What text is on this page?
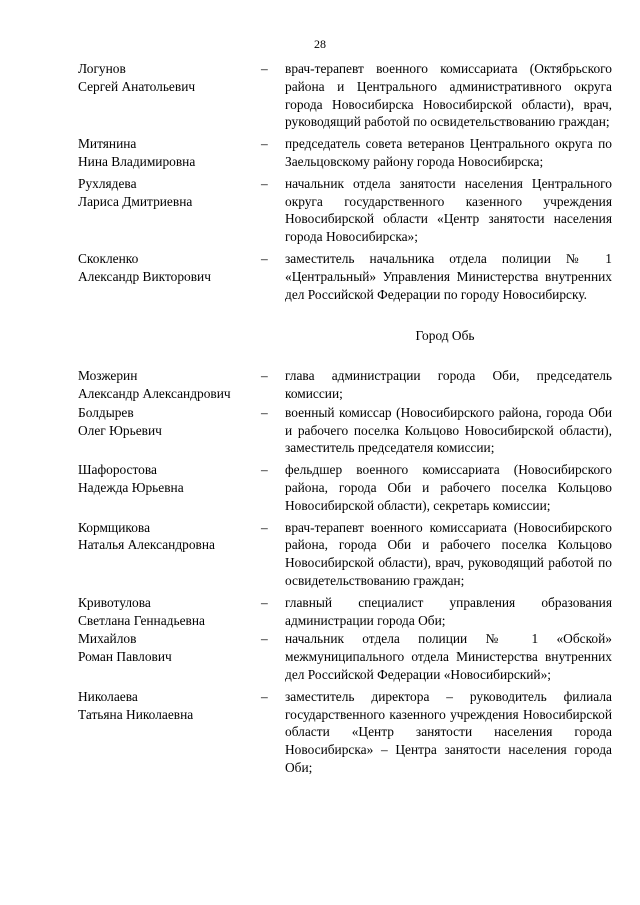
28
Логунов
Сергей Анатольевич
–	врач-терапевт военного комиссариата (Октябрьского района и Центрального административного округа города Новосибирска Новосибирской области), врач, руководящий работой по освидетельствованию граждан;
Митянина
Нина Владимировна
–	председатель совета ветеранов Центрального округа по Заельцовскому району города Новосибирска;
Рухлядева
Лариса Дмитриевна
–	начальник отдела занятости населения Центрального округа государственного казенного учреждения Новосибирской области «Центр занятости населения города Новосибирска»;
Скокленко
Александр Викторович
–	заместитель начальника отдела полиции № 1 «Центральный» Управления Министерства внутренних дел Российской Федерации по городу Новосибирску.
Город Обь
Мозжерин
Александр Александрович
–	глава администрации города Оби, председатель комиссии;
Болдырев
Олег Юрьевич
–	военный комиссар (Новосибирского района, города Оби и рабочего поселка Кольцово Новосибирской области), заместитель председателя комиссии;
Шафоростова
Надежда Юрьевна
–	фельдшер военного комиссариата (Новосибирского района, города Оби и рабочего поселка Кольцово Новосибирской области), секретарь комиссии;
Кормщикова
Наталья Александровна
–	врач-терапевт военного комиссариата (Новосибирского района, города Оби и рабочего поселка Кольцово Новосибирской области), врач, руководящий работой по освидетельствованию граждан;
Кривотулова
Светлана Геннадьевна
–	главный специалист управления образования администрации города Оби;
Михайлов
Роман Павлович
–	начальник отдела полиции № 1 «Обской» межмуниципального отдела Министерства внутренних дел Российской Федерации «Новосибирский»;
Николаева
Татьяна Николаевна
–	заместитель директора – руководитель филиала государственного казенного учреждения Новосибирской области «Центр занятости населения города Новосибирска» – Центра занятости населения города Оби;
